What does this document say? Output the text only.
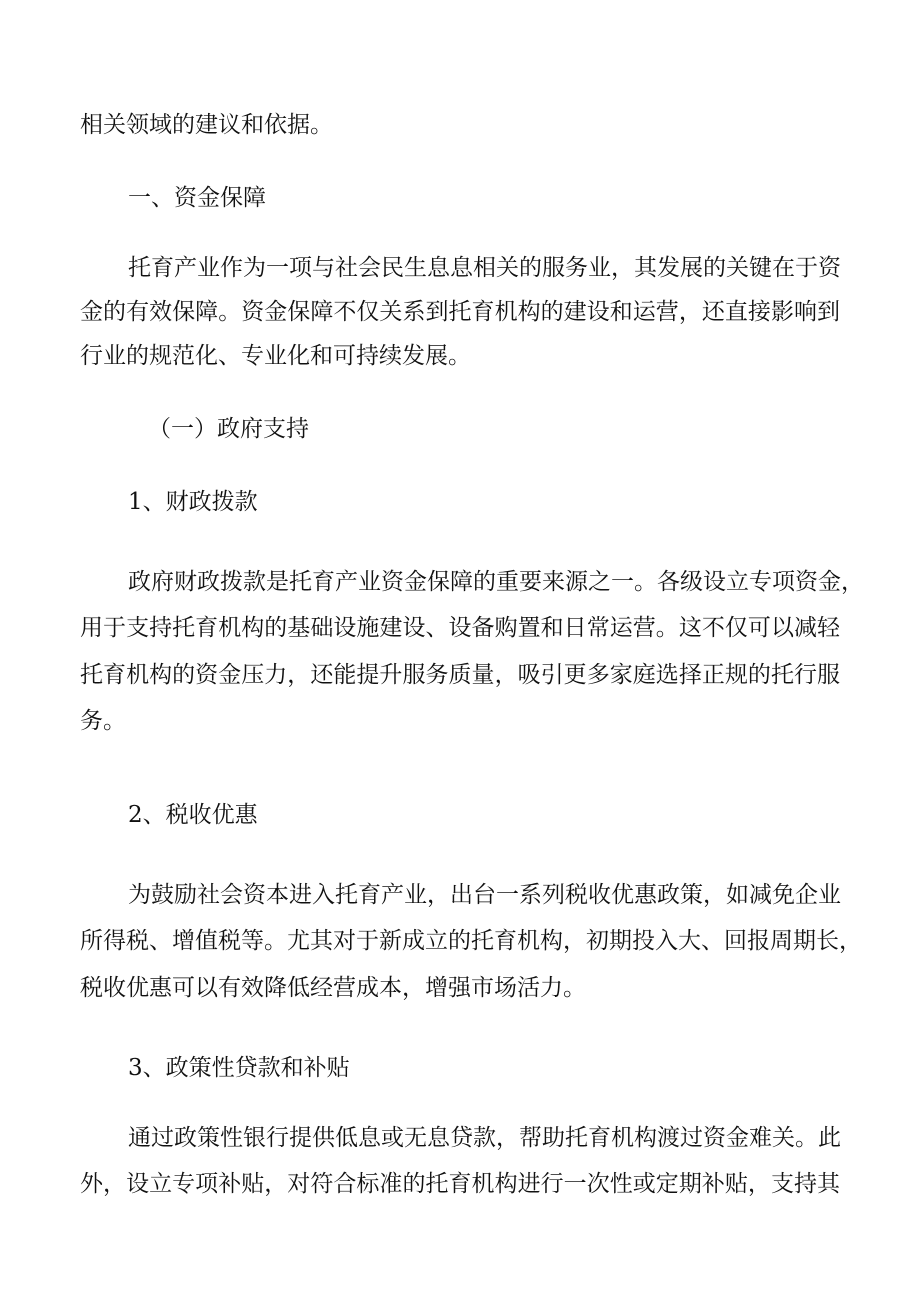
相关领域的建议和依据。
一、资金保障
托育产业作为一项与社会民生息息相关的服务业，其发展的关键在于资
金的有效保障。资金保障不仅关系到托育机构的建设和运营，还直接影响到
行业的规范化、专业化和可持续发展。
（一）政府支持
1、财政拨款
政府财政拨款是托育产业资金保障的重要来源之一。各级设立专项资金，
用于支持托育机构的基础设施建设、设备购置和日常运营。这不仅可以减轻
托育机构的资金压力，还能提升服务质量，吸引更多家庭选择正规的托行服
务。
2、税收优惠
为鼓励社会资本进入托育产业，出台一系列税收优惠政策，如减免企业
所得税、增值税等。尤其对于新成立的托育机构，初期投入大、回报周期长，
税收优惠可以有效降低经营成本，增强市场活力。
3、政策性贷款和补贴
通过政策性银行提供低息或无息贷款，帮助托育机构渡过资金难关。此
外，设立专项补贴，对符合标准的托育机构进行一次性或定期补贴，支持其
